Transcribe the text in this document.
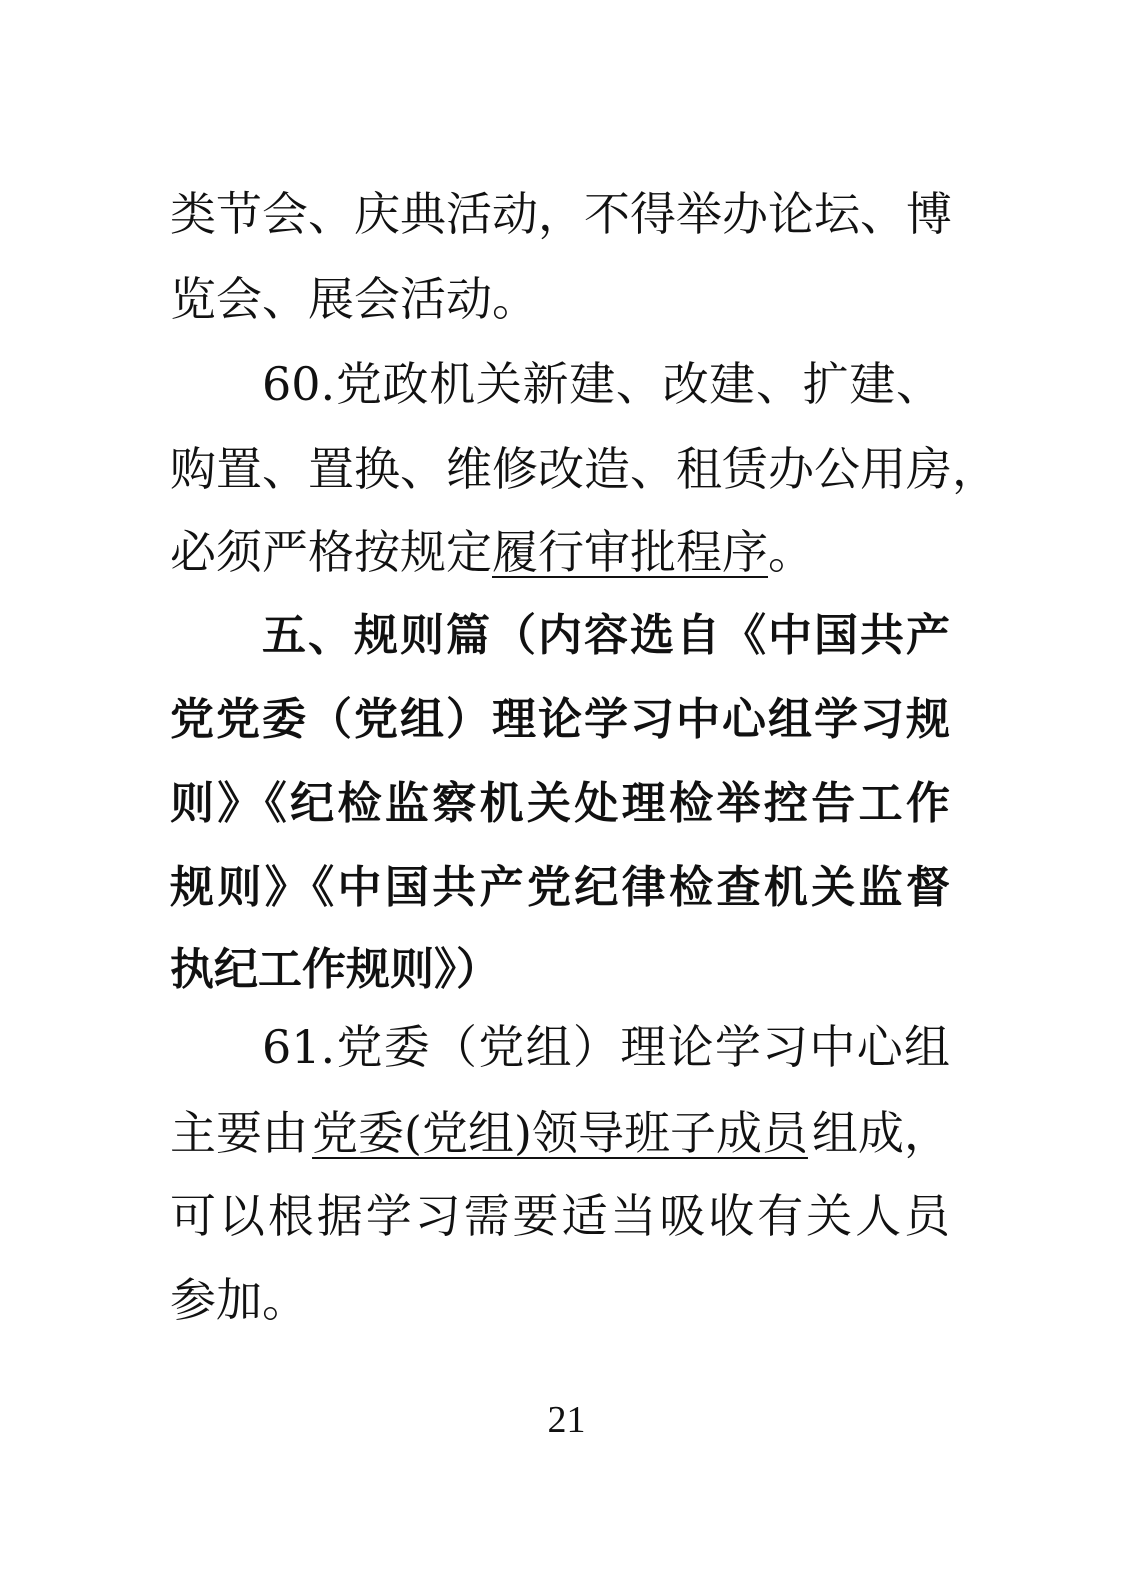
类节会、庆典活动，不得举办论坛、博
览会、展会活动。
60.党政机关新建、改建、扩建、
购置、置换、维修改造、租赁办公用房，
必须严格按规定履行审批程序。
五、规则篇（内容选自《中国共产
党党委（党组）理论学习中心组学习规
则》《纪检监察机关处理检举控告工作
规则》《中国共产党纪律检查机关监督
执纪工作规则》）
61.党委（党组）理论学习中心组
主要由 党委(党组)领导班子成员 组成，
可以根据学习需要适当吸收有关人员
参加。
21
